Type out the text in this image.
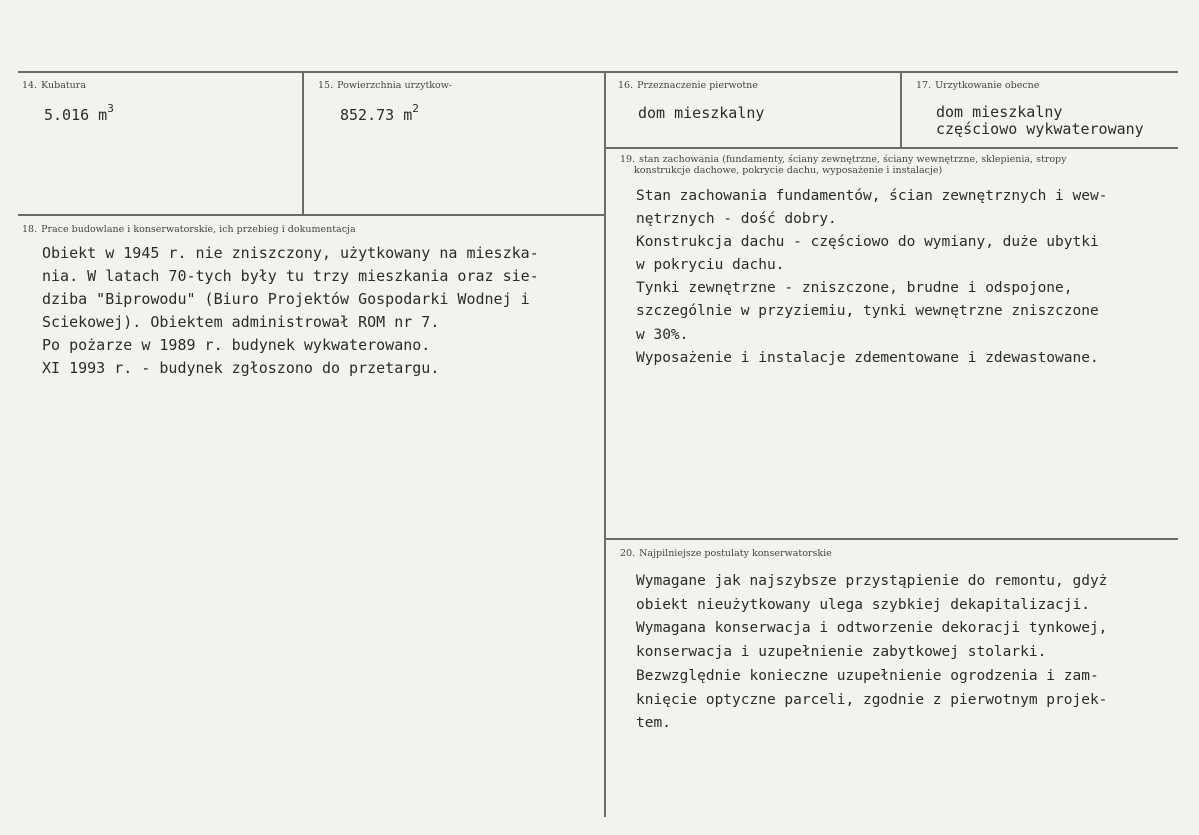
14. Kubatura
5.016 $m^3$
15. Powierzchnia urzytkow-
852.73 $m^2$
16. Przeznaczenie pierwotne
dom mieszkalny
17. Urzytkowanie obecne
dom mieszkalny
częściowo wykwaterowany
18. Prace budowlane i konserwatorskie, ich przebieg i dokumentacja
Obiekt w 1945 r. nie zniszczony, użytkowany na mieszka-
nia. W latach 70-tych były tu trzy mieszkania oraz sie-
dziba "Biprowodu" (Biuro Projektów Gospodarki Wodnej i
Sciekowej). Obiektem administrował ROM nr 7.
Po pożarze w 1989 r. budynek wykwaterowano.
XI 1993 r. - budynek zgłoszono do przetargu.
19. stan zachowania (fundamenty, ściany zewnętrzne, ściany wewnętrzne, sklepienia, stropy
konstrukcje dachowe, pokrycie dachu, wyposażenie i instalacje)
Stan zachowania fundamentów, ścian zewnętrznych i wew-
nętrznych - dość dobry.
Konstrukcja dachu - częściowo do wymiany, duże ubytki
w pokryciu dachu.
Tynki zewnętrzne - zniszczone, brudne i odspojone,
szczególnie w przyziemiu, tynki wewnętrzne zniszczone
w 30%.
Wyposażenie i instalacje zdementowane i zdewastowane.
20. Najpilniejsze postulaty konserwatorskie
Wymagane jak najszybsze przystąpienie do remontu, gdyż
obiekt nieużytkowany ulega szybkiej dekapitalizacji.
Wymagana konserwacja i odtworzenie dekoracji tynkowej,
konserwacja i uzupełnienie zabytkowej stolarki.
Bezwzględnie konieczne uzupełnienie ogrodzenia i zam-
knięcie optyczne parceli, zgodnie z pierwotnym projek-
tem.
